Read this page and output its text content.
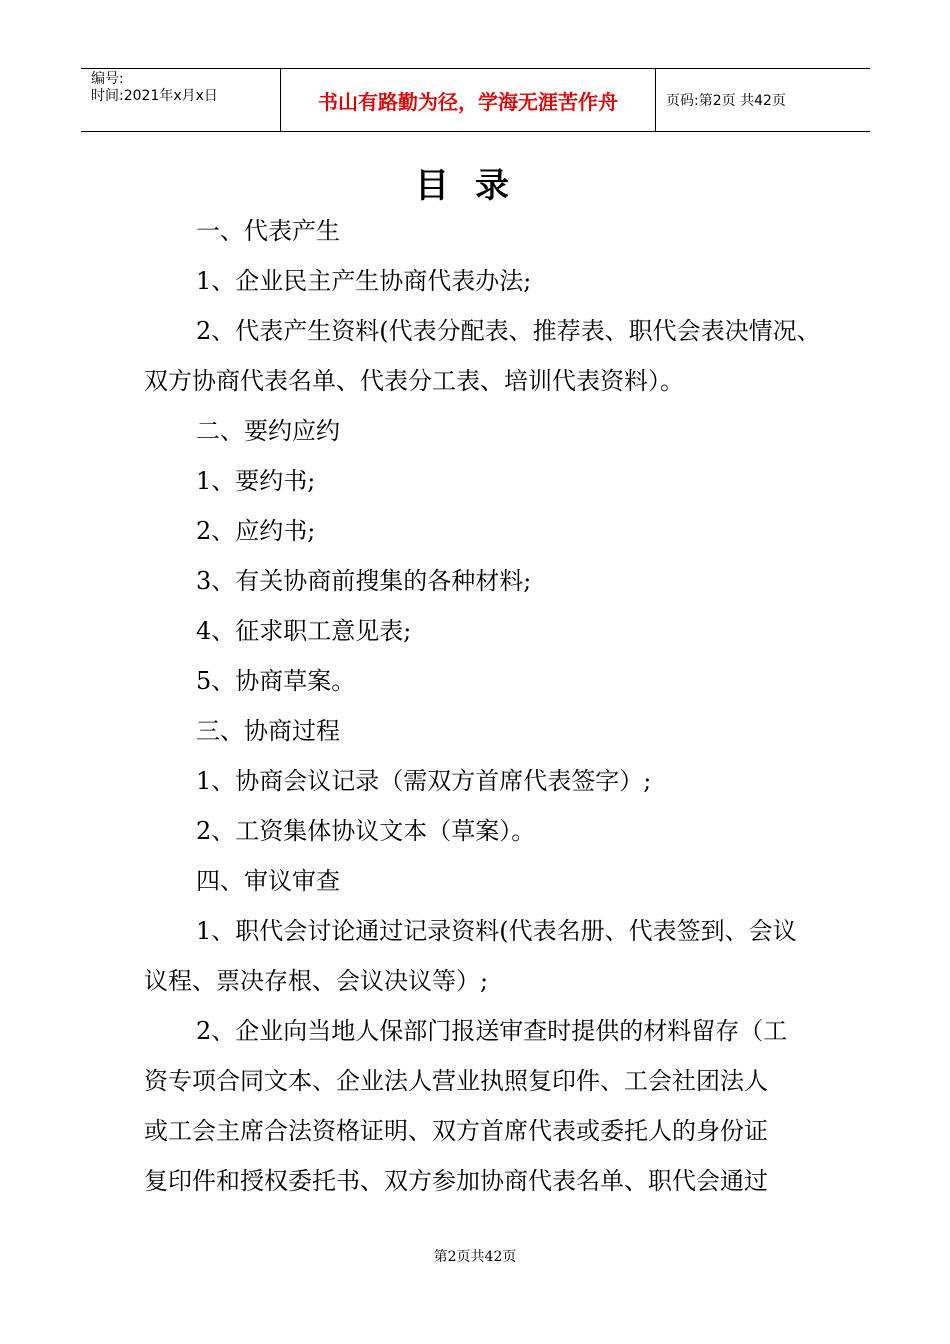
编号:
时间:2021年x月x日	书山有路勤为径，学海无涯苦作舟	页码:第2页 共42页
目录

一、代表产生

1、企业民主产生协商代表办法;

2、代表产生资料(代表分配表、推荐表、职代会表决情况、

双方协商代表名单、代表分工表、培训代表资料）。

二、要约应约

1、要约书;

2、应约书;

3、有关协商前搜集的各种材料;

4、征求职工意见表;

5、协商草案。

三、协商过程

1、协商会议记录（需双方首席代表签字）;

2、工资集体协议文本（草案）。

四、审议审查

1、职代会讨论通过记录资料(代表名册、代表签到、会议

议程、票决存根、会议决议等）;

2、企业向当地人保部门报送审查时提供的材料留存（工

资专项合同文本、企业法人营业执照复印件、工会社团法人

或工会主席合法资格证明、双方首席代表或委托人的身份证

复印件和授权委托书、双方参加协商代表名单、职代会通过

第2页共42页
